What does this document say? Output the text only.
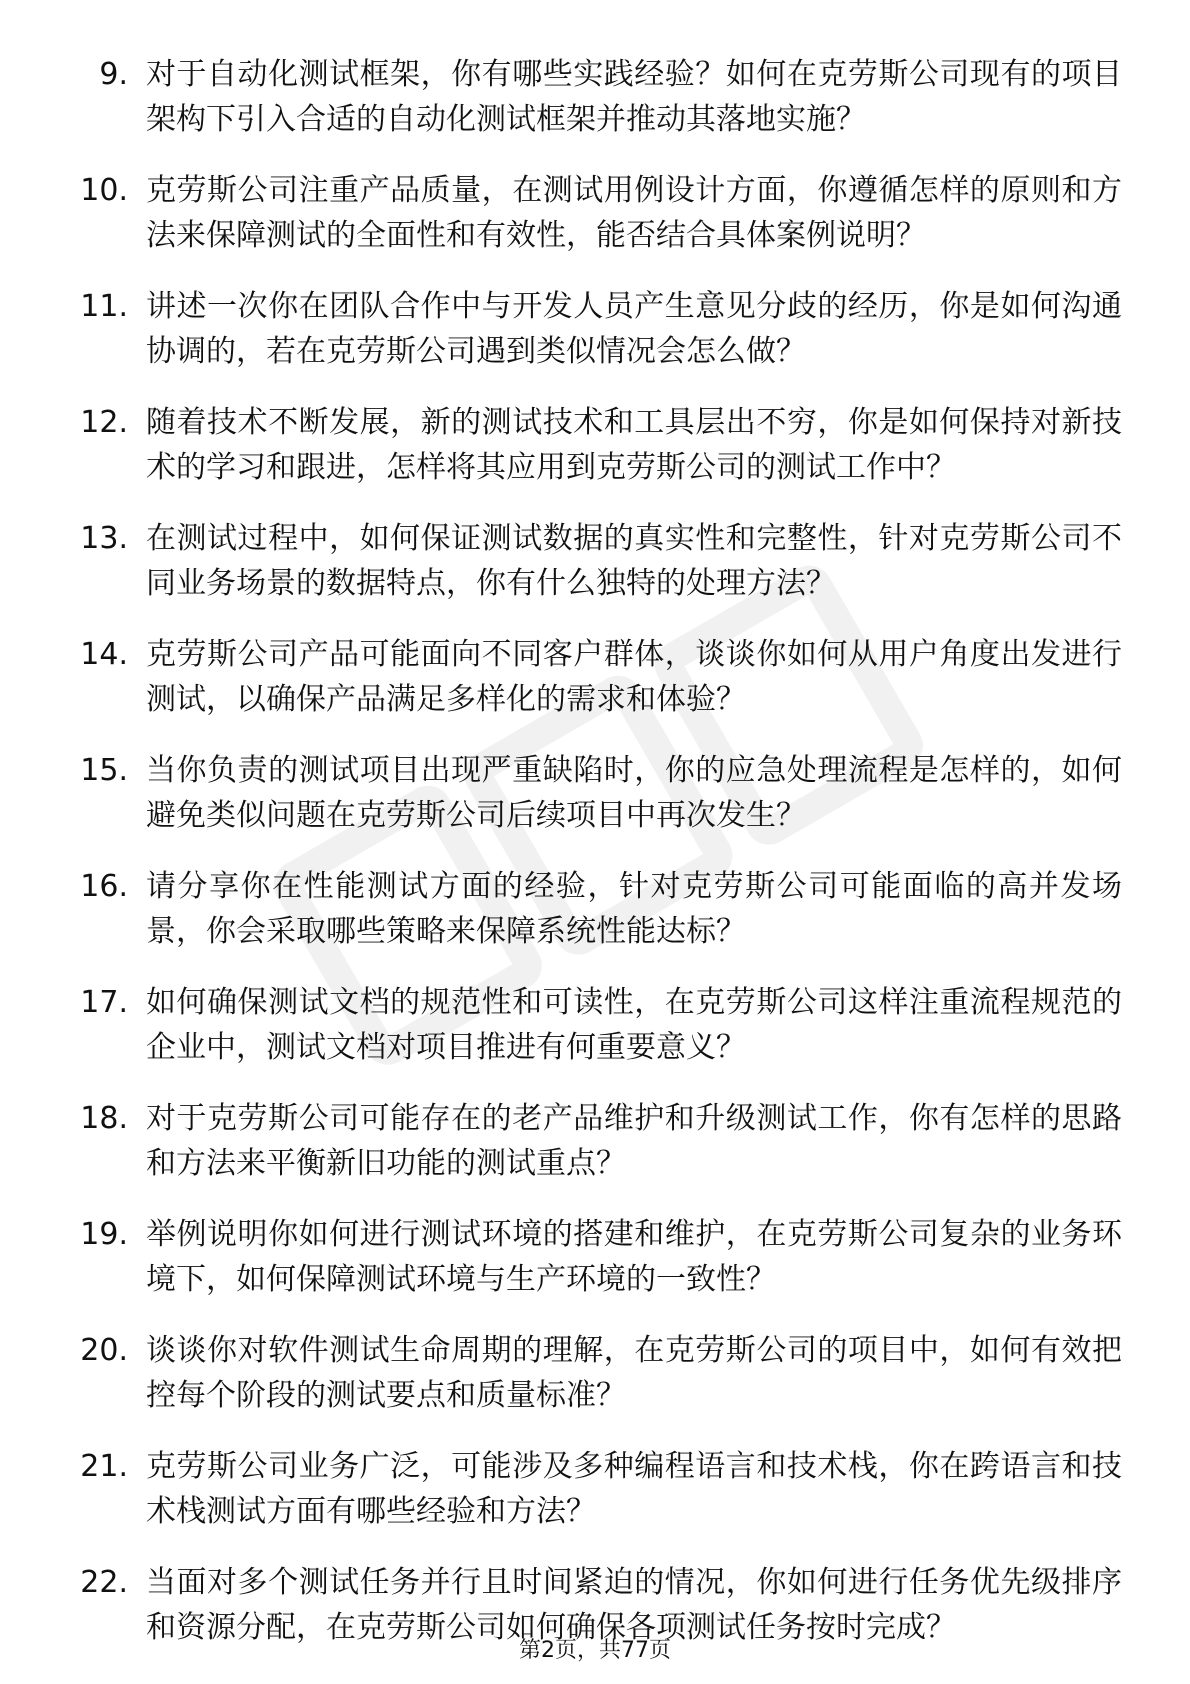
9. 对于自动化测试框架，你有哪些实践经验？如何在克劳斯公司现有的项目架构下引入合适的自动化测试框架并推动其落地实施？
10. 克劳斯公司注重产品质量，在测试用例设计方面，你遵循怎样的原则和方法来保障测试的全面性和有效性，能否结合具体案例说明？
11. 讲述一次你在团队合作中与开发人员产生意见分歧的经历，你是如何沟通协调的，若在克劳斯公司遇到类似情况会怎么做？
12. 随着技术不断发展，新的测试技术和工具层出不穷，你是如何保持对新技术的学习和跟进，怎样将其应用到克劳斯公司的测试工作中？
13. 在测试过程中，如何保证测试数据的真实性和完整性，针对克劳斯公司不同业务场景的数据特点，你有什么独特的处理方法？
14. 克劳斯公司产品可能面向不同客户群体，谈谈你如何从用户角度出发进行测试，以确保产品满足多样化的需求和体验？
15. 当你负责的测试项目出现严重缺陷时，你的应急处理流程是怎样的，如何避免类似问题在克劳斯公司后续项目中再次发生？
16. 请分享你在性能测试方面的经验，针对克劳斯公司可能面临的高并发场景，你会采取哪些策略来保障系统性能达标？
17. 如何确保测试文档的规范性和可读性，在克劳斯公司这样注重流程规范的企业中，测试文档对项目推进有何重要意义？
18. 对于克劳斯公司可能存在的老产品维护和升级测试工作，你有怎样的思路和方法来平衡新旧功能的测试重点？
19. 举例说明你如何进行测试环境的搭建和维护，在克劳斯公司复杂的业务环境下，如何保障测试环境与生产环境的一致性？
20. 谈谈你对软件测试生命周期的理解，在克劳斯公司的项目中，如何有效把控每个阶段的测试要点和质量标准？
21. 克劳斯公司业务广泛，可能涉及多种编程语言和技术栈，你在跨语言和技术栈测试方面有哪些经验和方法？
22. 当面对多个测试任务并行且时间紧迫的情况，你如何进行任务优先级排序和资源分配，在克劳斯公司如何确保各项测试任务按时完成？
第2页，共77页
